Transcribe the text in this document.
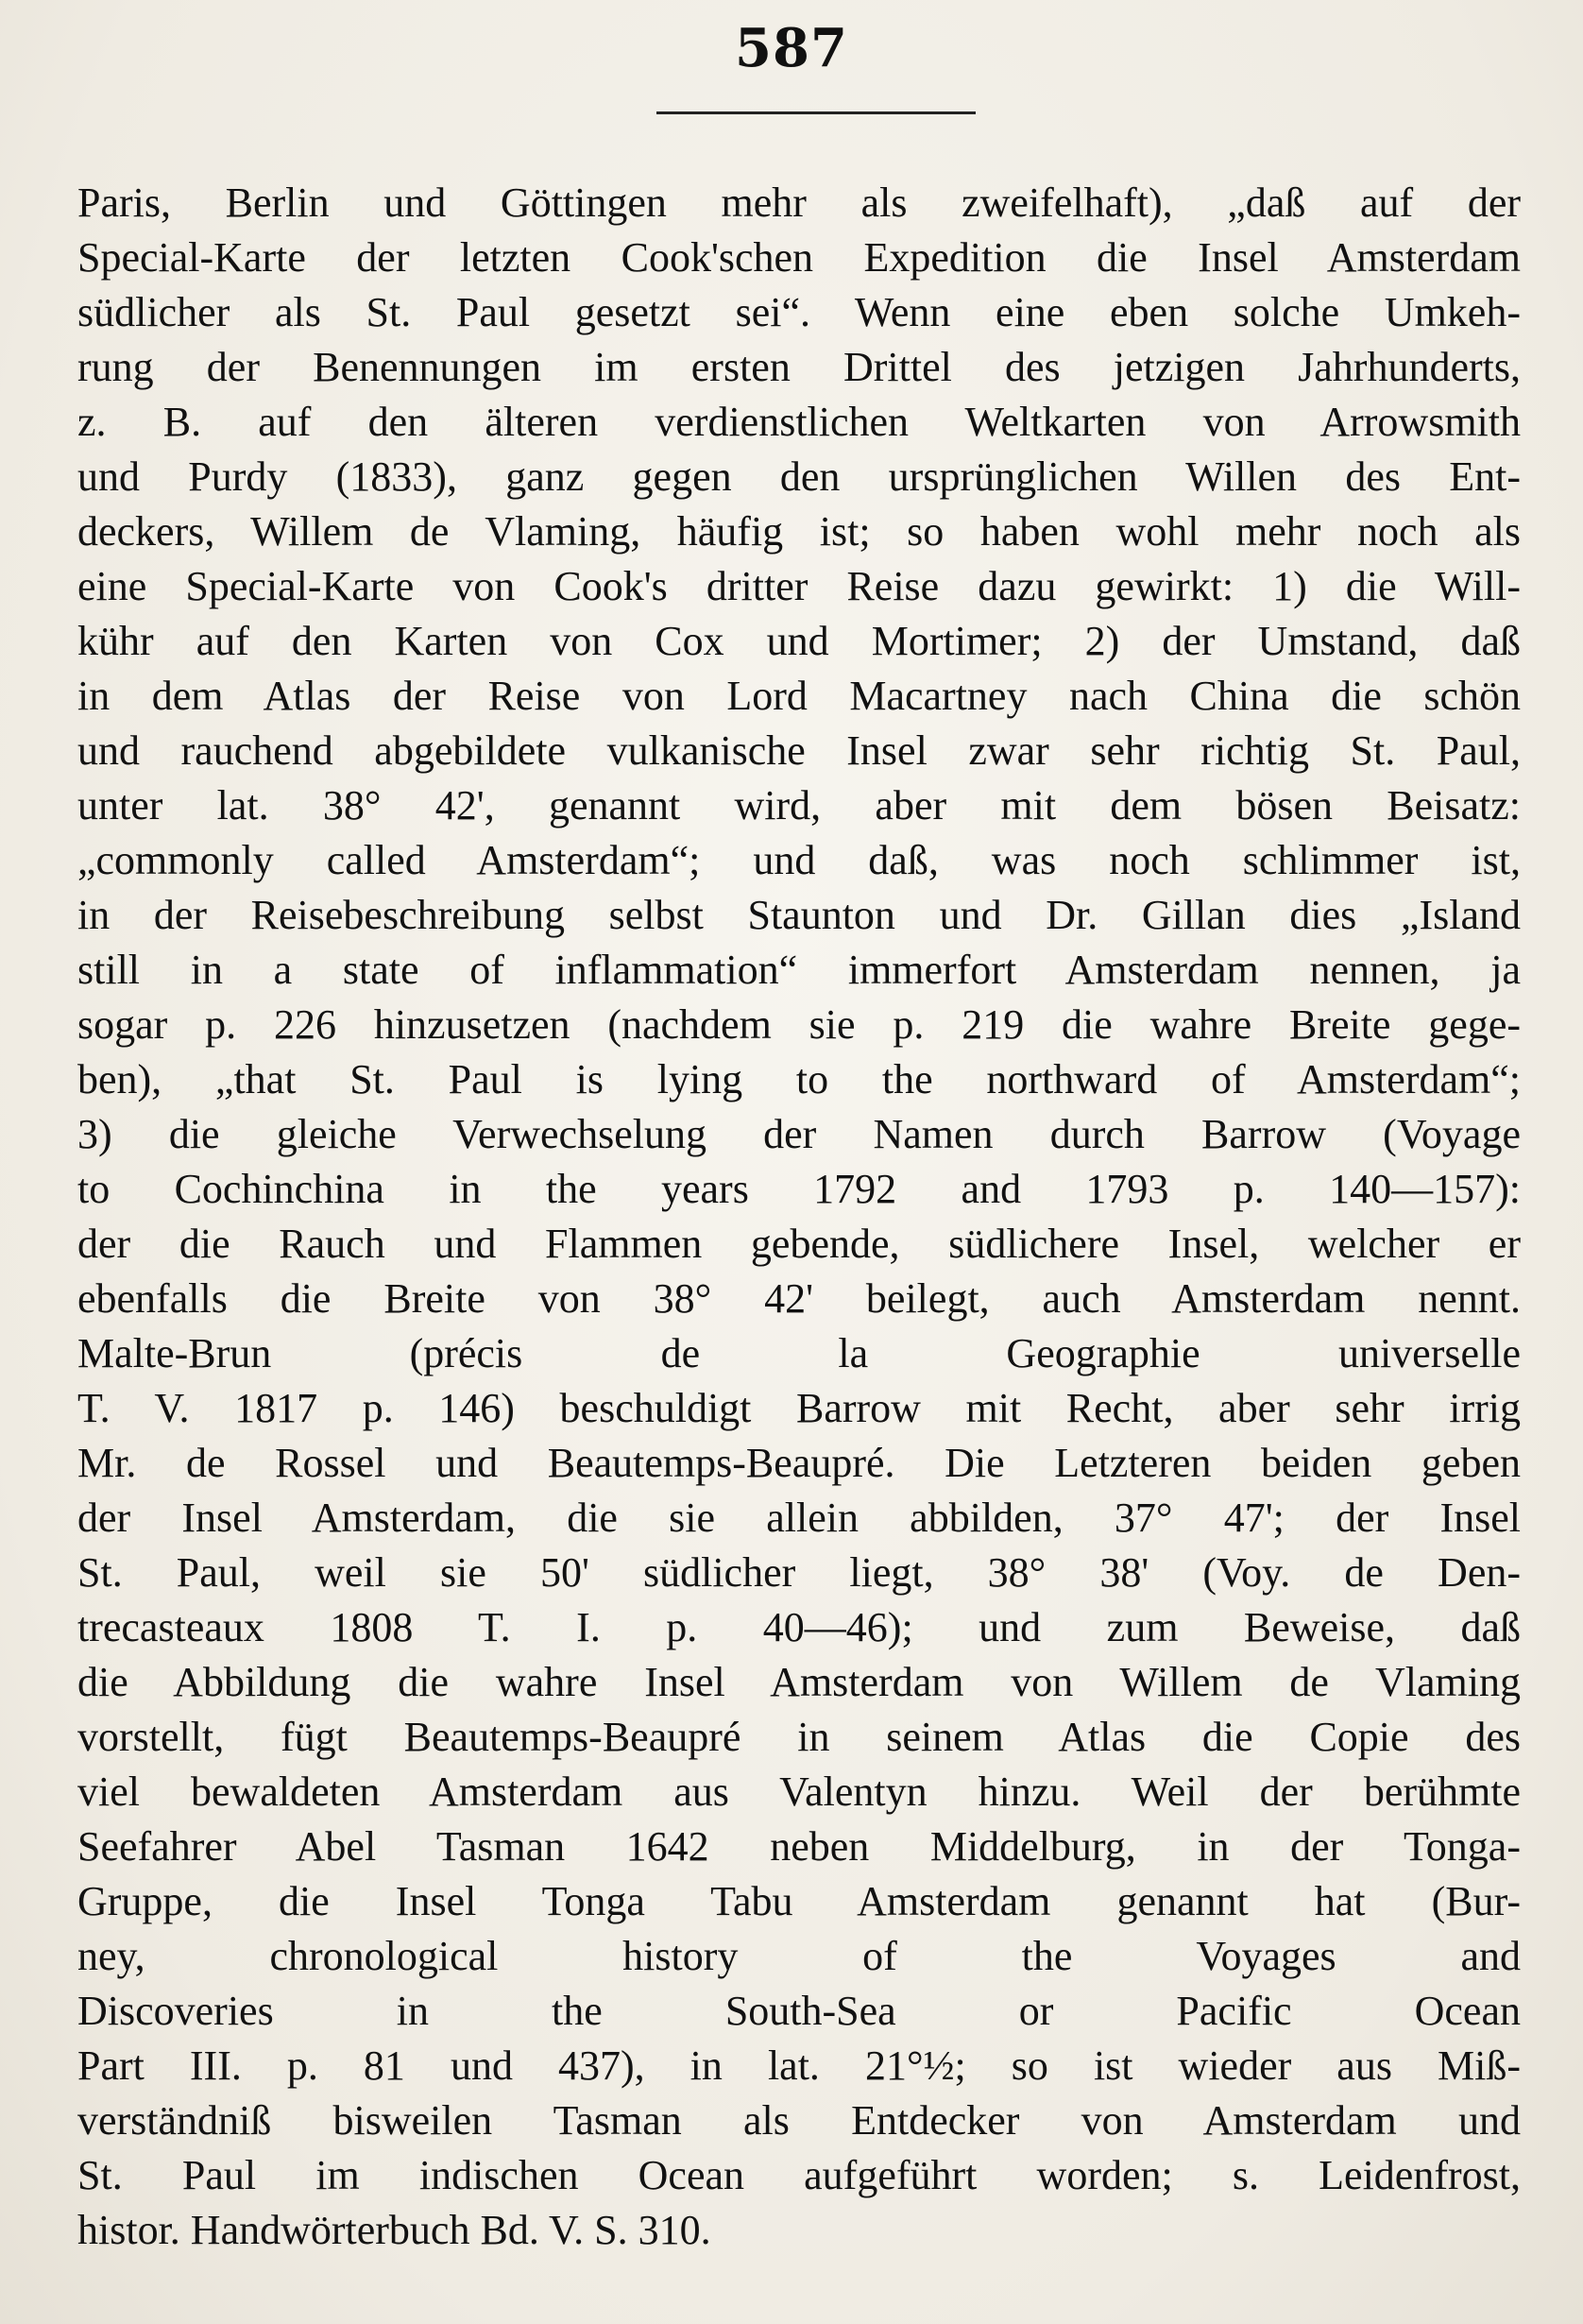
587
Paris, Berlin und Göttingen mehr als zweifelhaft), „daß auf der
Special-Karte der letzten Cook'schen Expedition die Insel Amsterdam
südlicher als St. Paul gesetzt sei“. Wenn eine eben solche Umkeh-
rung der Benennungen im ersten Drittel des jetzigen Jahrhunderts,
z. B. auf den älteren verdienstlichen Weltkarten von Arrowsmith
und Purdy (1833), ganz gegen den ursprünglichen Willen des Ent-
deckers, Willem de Vlaming, häufig ist; so haben wohl mehr noch als
eine Special-Karte von Cook's dritter Reise dazu gewirkt: 1) die Will-
kühr auf den Karten von Cox und Mortimer; 2) der Umstand, daß
in dem Atlas der Reise von Lord Macartney nach China die schön
und rauchend abgebildete vulkanische Insel zwar sehr richtig St. Paul,
unter lat. 38° 42', genannt wird, aber mit dem bösen Beisatz:
„commonly called Amsterdam“; und daß, was noch schlimmer ist,
in der Reisebeschreibung selbst Staunton und Dr. Gillan dies „Island
still in a state of inflammation“ immerfort Amsterdam nennen, ja
sogar p. 226 hinzusetzen (nachdem sie p. 219 die wahre Breite gege-
ben), „that St. Paul is lying to the northward of Amsterdam“;
3) die gleiche Verwechselung der Namen durch Barrow (Voyage
to Cochinchina in the years 1792 and 1793 p. 140—157):
der die Rauch und Flammen gebende, südlichere Insel, welcher er
ebenfalls die Breite von 38° 42' beilegt, auch Amsterdam nennt.
Malte-Brun (précis de la Geographie universelle
T. V. 1817 p. 146) beschuldigt Barrow mit Recht, aber sehr irrig
Mr. de Rossel und Beautemps-Beaupré. Die Letzteren beiden geben
der Insel Amsterdam, die sie allein abbilden, 37° 47'; der Insel
St. Paul, weil sie 50' südlicher liegt, 38° 38' (Voy. de Den-
trecasteaux 1808 T. I. p. 40—46); und zum Beweise, daß
die Abbildung die wahre Insel Amsterdam von Willem de Vlaming
vorstellt, fügt Beautemps-Beaupré in seinem Atlas die Copie des
viel bewaldeten Amsterdam aus Valentyn hinzu. Weil der berühmte
Seefahrer Abel Tasman 1642 neben Middelburg, in der Tonga-
Gruppe, die Insel Tonga Tabu Amsterdam genannt hat (Bur-
ney, chronological history of the Voyages and
Discoveries in the South-Sea or Pacific Ocean
Part III. p. 81 und 437), in lat. 21°½; so ist wieder aus Miß-
verständniß bisweilen Tasman als Entdecker von Amsterdam und
St. Paul im indischen Ocean aufgeführt worden; s. Leidenfrost,
histor. Handwörterbuch Bd. V. S. 310.
